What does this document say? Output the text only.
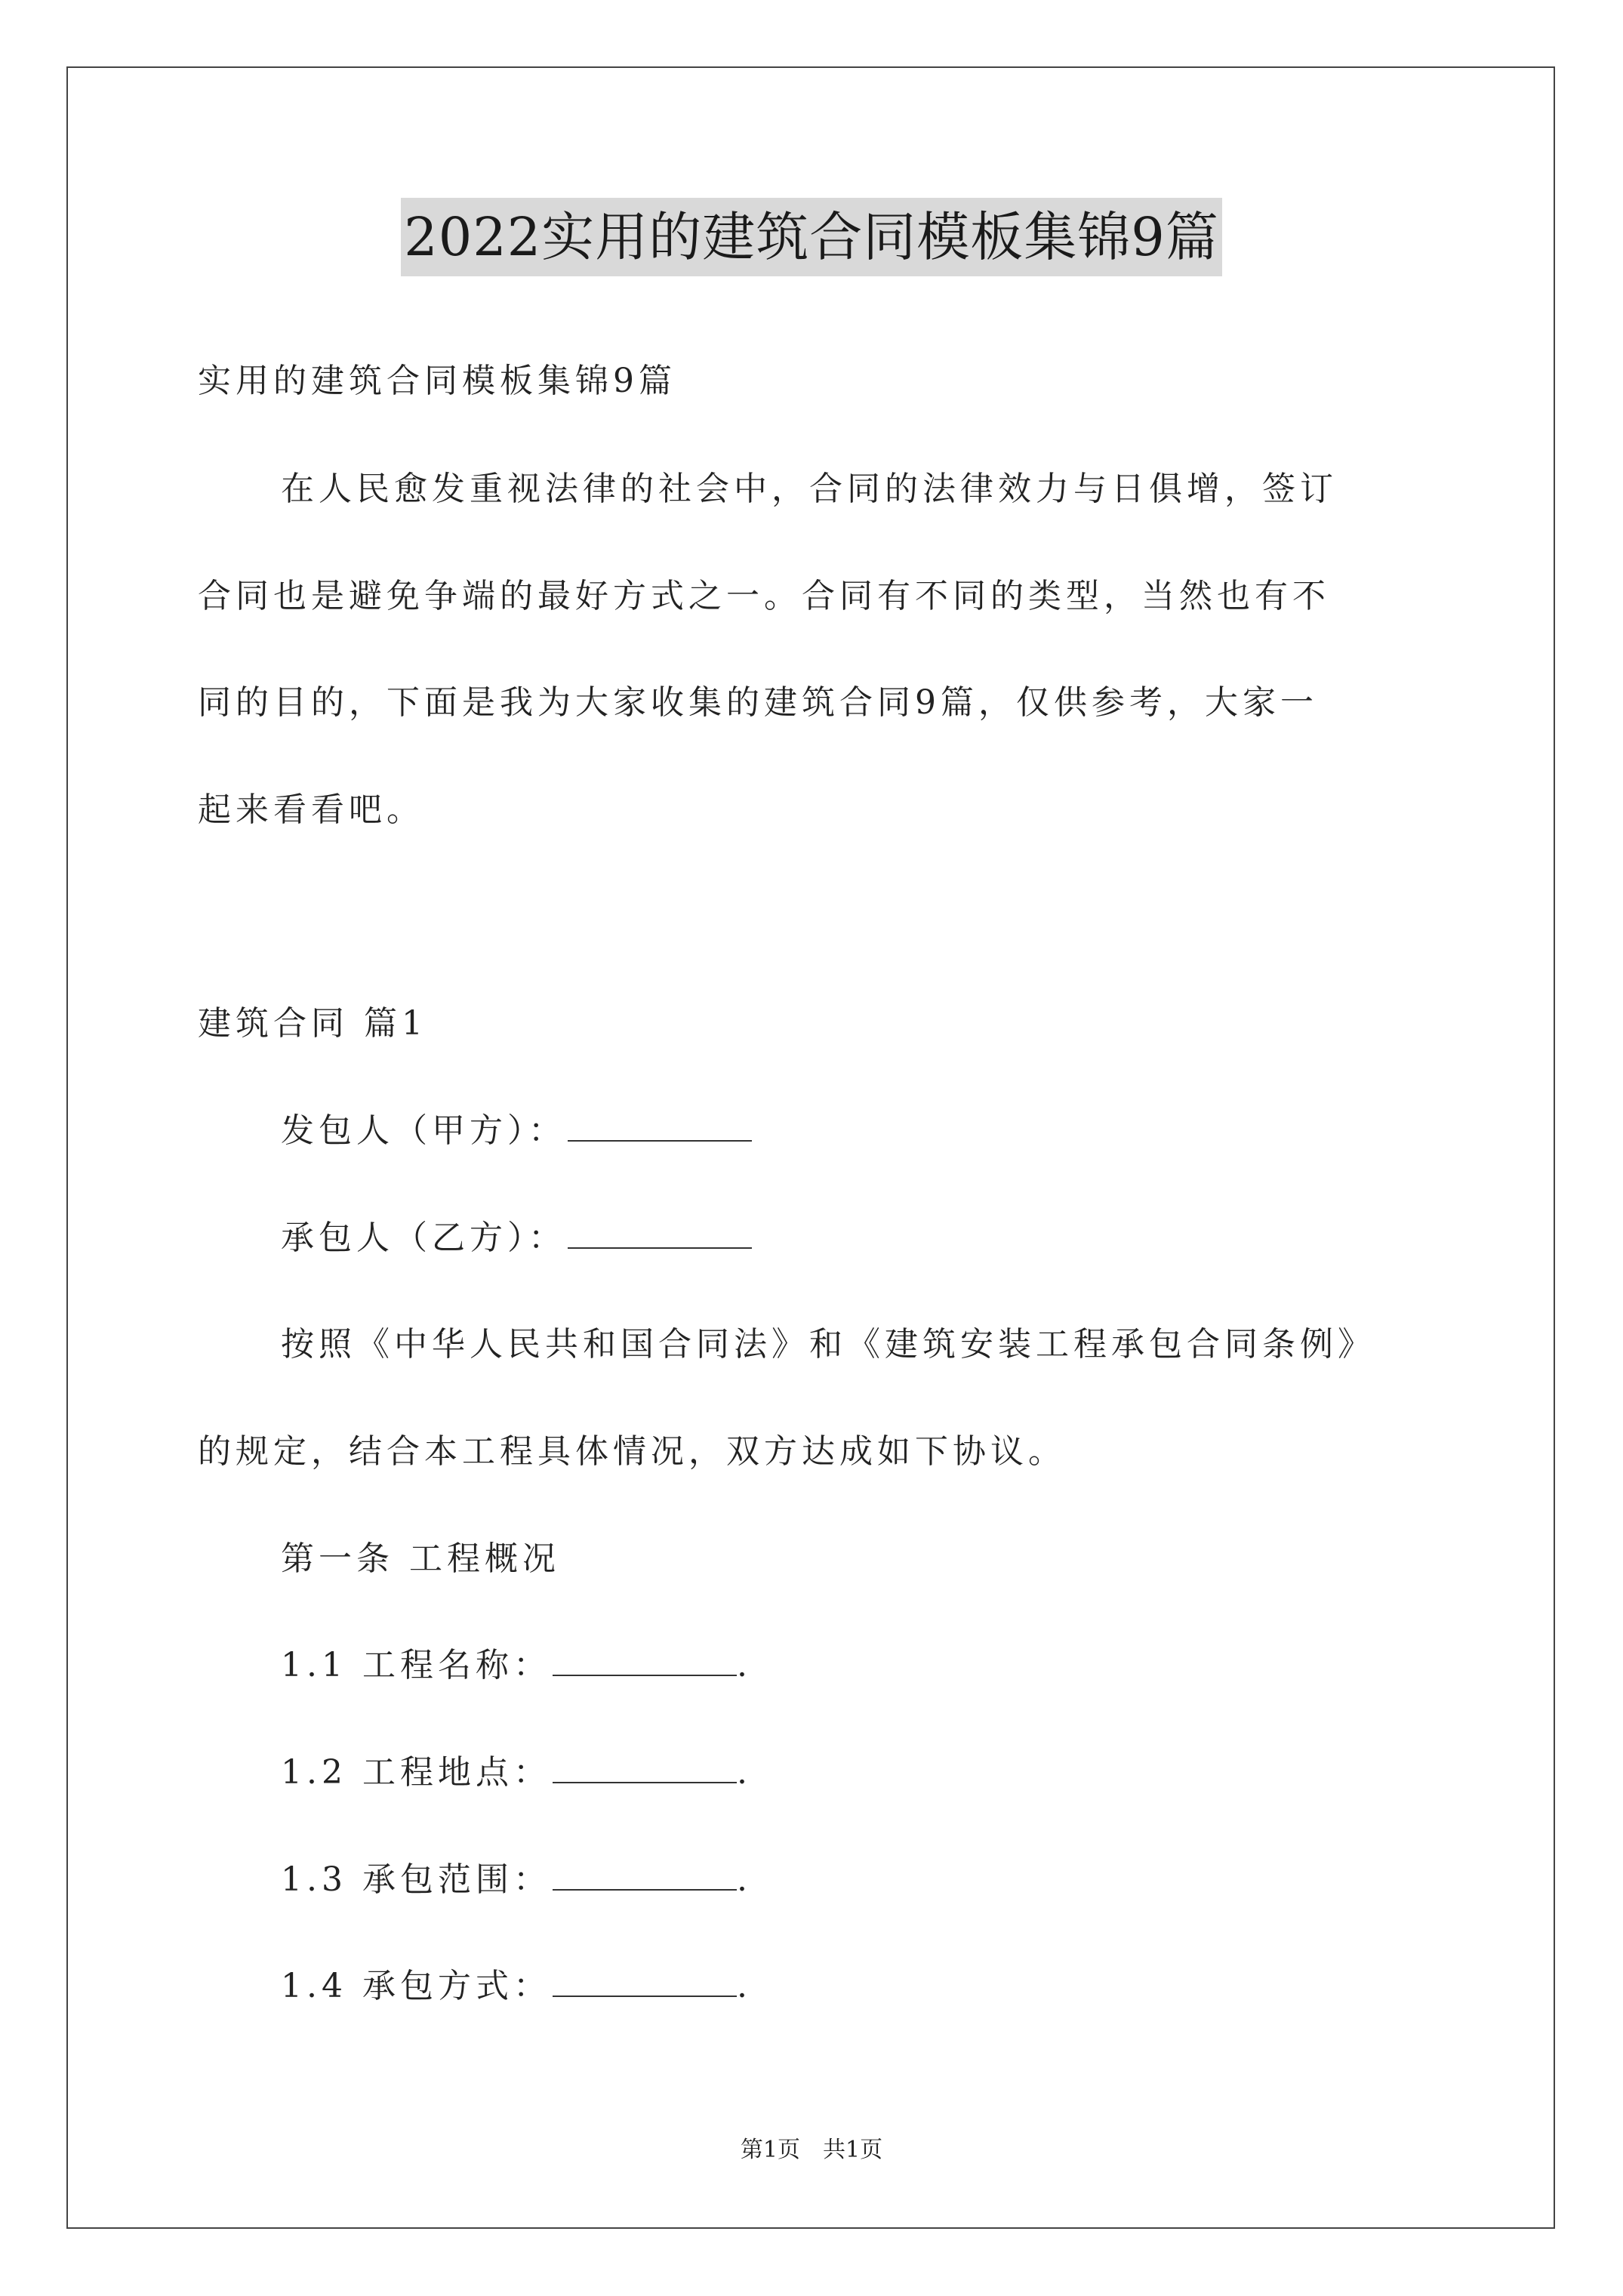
2022实用的建筑合同模板集锦9篇
实用的建筑合同模板集锦9篇
在人民愈发重视法律的社会中，合同的法律效力与日俱增，签订
合同也是避免争端的最好方式之一。合同有不同的类型，当然也有不
同的目的，下面是我为大家收集的建筑合同9篇，仅供参考，大家一
起来看看吧。
建筑合同 篇1
发包人（甲方）：
承包人（乙方）：
按照《中华人民共和国合同法》和《建筑安装工程承包合同条例》
的规定，结合本工程具体情况，双方达成如下协议。
第一条 工程概况
1.1 工程名称：	.
1.2 工程地点：	.
1.3 承包范围：	.
1.4 承包方式：	.
第1页　共1页
